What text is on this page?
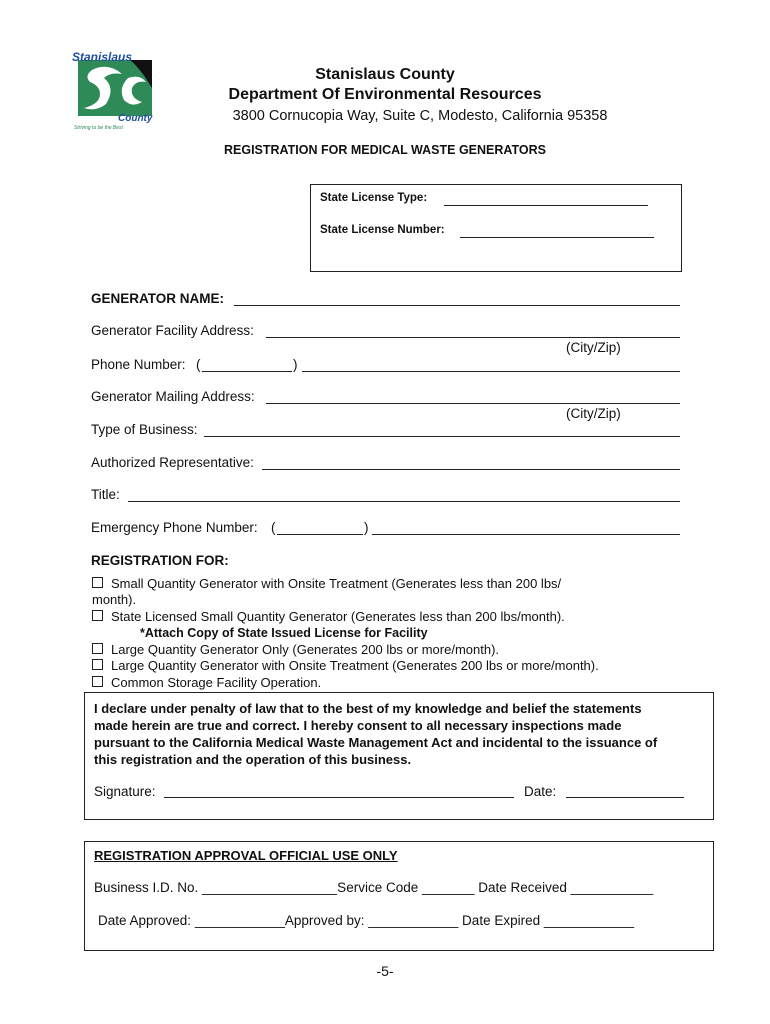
Stanislaus
County
Striving to be the Best
Stanislaus County
Department Of Environmental Resources
3800 Cornucopia Way, Suite C, Modesto, California 95358
REGISTRATION FOR MEDICAL WASTE GENERATORS
State License Type:
State License Number:
GENERATOR NAME:
Generator Facility Address:
(City/Zip)
Phone Number: (	)
Generator Mailing Address:
(City/Zip)
Type of Business:
Authorized Representative:
Title:
Emergency Phone Number: (	)
REGISTRATION FOR:
Small Quantity Generator with Onsite Treatment (Generates less than 200 lbs/
month).
State Licensed Small Quantity Generator (Generates less than 200 lbs/month).
*Attach Copy of State Issued License for Facility
Large Quantity Generator Only (Generates 200 lbs or more/month).
Large Quantity Generator with Onsite Treatment (Generates 200 lbs or more/month).
Common Storage Facility Operation.
I declare under penalty of law that to the best of my knowledge and belief the statements
made herein are true and correct. I hereby consent to all necessary inspections made
pursuant to the California Medical Waste Management Act and incidental to the issuance of
this registration and the operation of this business.
Signature:	Date:
REGISTRATION APPROVAL OFFICIAL USE ONLY
Business I.D. No. __________________Service Code _______ Date Received ___________
Date Approved: ____________Approved by: ____________ Date Expired ____________
-5-
